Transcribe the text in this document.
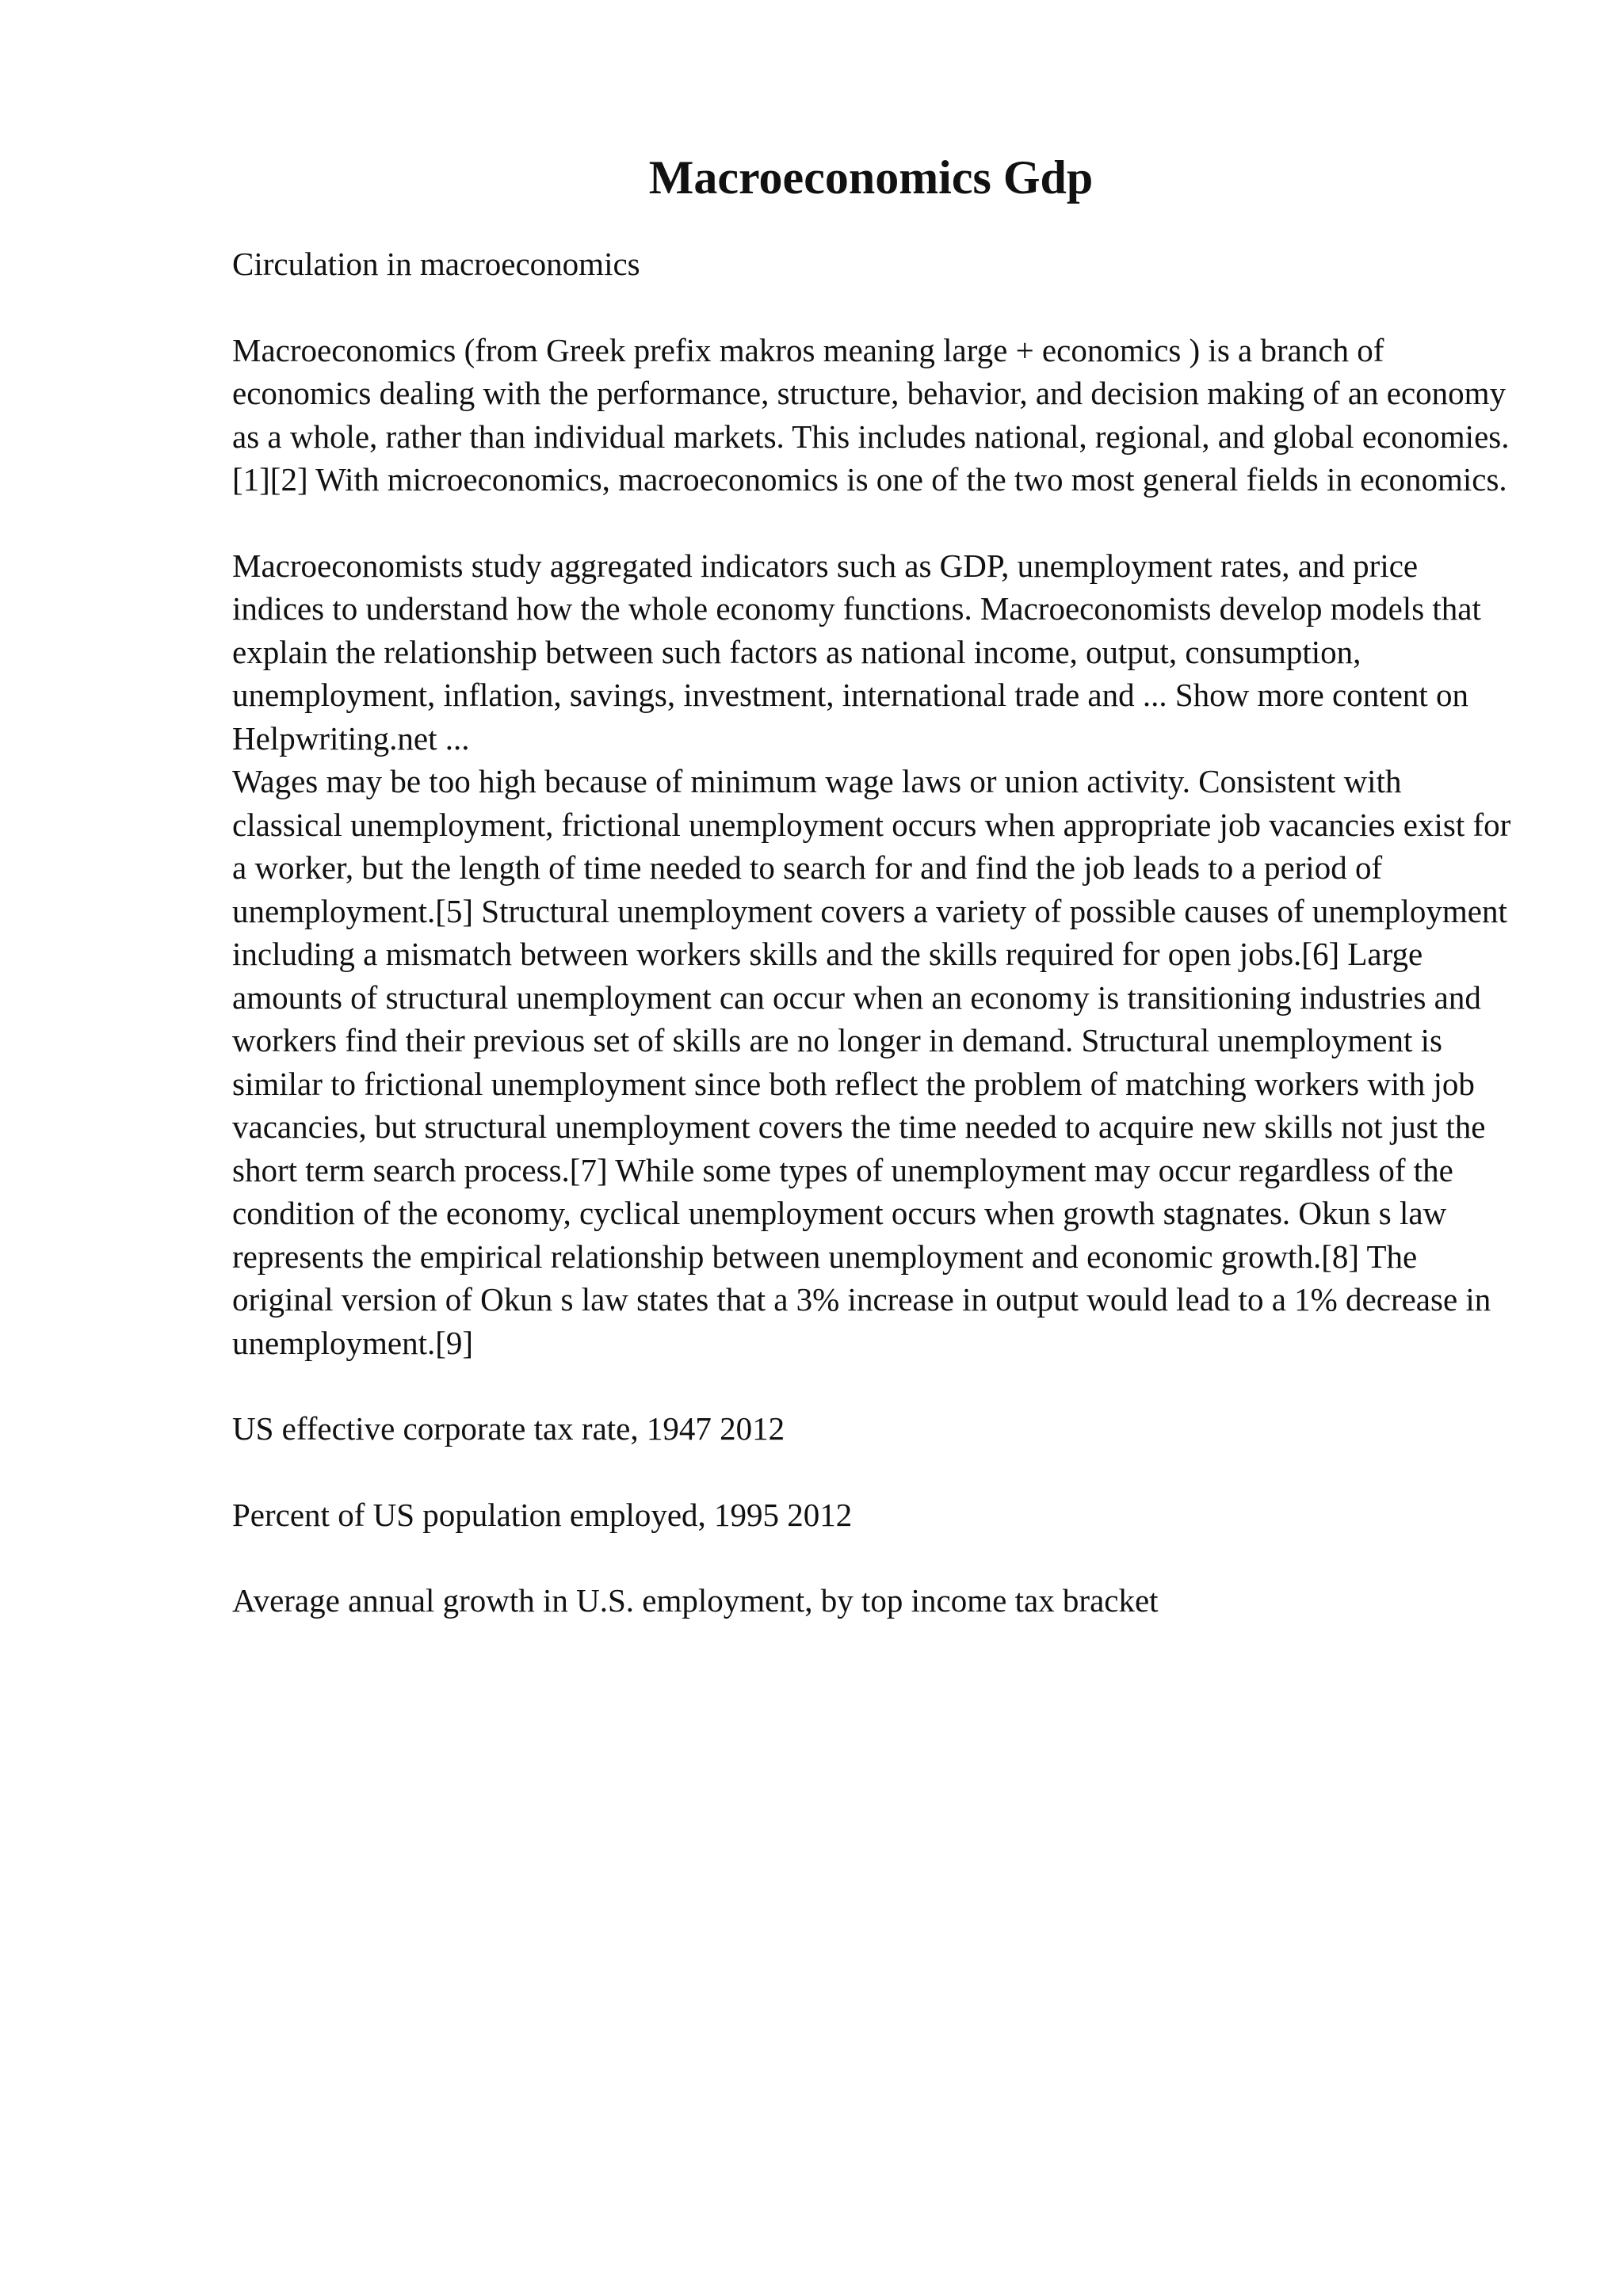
Macroeconomics Gdp

Circulation in macroeconomics

Macroeconomics (from Greek prefix makros meaning large + economics ) is a branch of economics dealing with the performance, structure, behavior, and decision making of an economy as a whole, rather than individual markets. This includes national, regional, and global economies.[1][2] With microeconomics, macroeconomics is one of the two most general fields in economics.

Macroeconomists study aggregated indicators such as GDP, unemployment rates, and price indices to understand how the whole economy functions. Macroeconomists develop models that explain the relationship between such factors as national income, output, consumption, unemployment, inflation, savings, investment, international trade and ... Show more content on Helpwriting.net ...

Wages may be too high because of minimum wage laws or union activity. Consistent with classical unemployment, frictional unemployment occurs when appropriate job vacancies exist for a worker, but the length of time needed to search for and find the job leads to a period of unemployment.[5] Structural unemployment covers a variety of possible causes of unemployment including a mismatch between workers skills and the skills required for open jobs.[6] Large amounts of structural unemployment can occur when an economy is transitioning industries and workers find their previous set of skills are no longer in demand. Structural unemployment is similar to frictional unemployment since both reflect the problem of matching workers with job vacancies, but structural unemployment covers the time needed to acquire new skills not just the short term search process.[7] While some types of unemployment may occur regardless of the condition of the economy, cyclical unemployment occurs when growth stagnates. Okun s law represents the empirical relationship between unemployment and economic growth.[8] The original version of Okun s law states that a 3% increase in output would lead to a 1% decrease in unemployment.[9]

US effective corporate tax rate, 1947 2012

Percent of US population employed, 1995 2012

Average annual growth in U.S. employment, by top income tax bracket
